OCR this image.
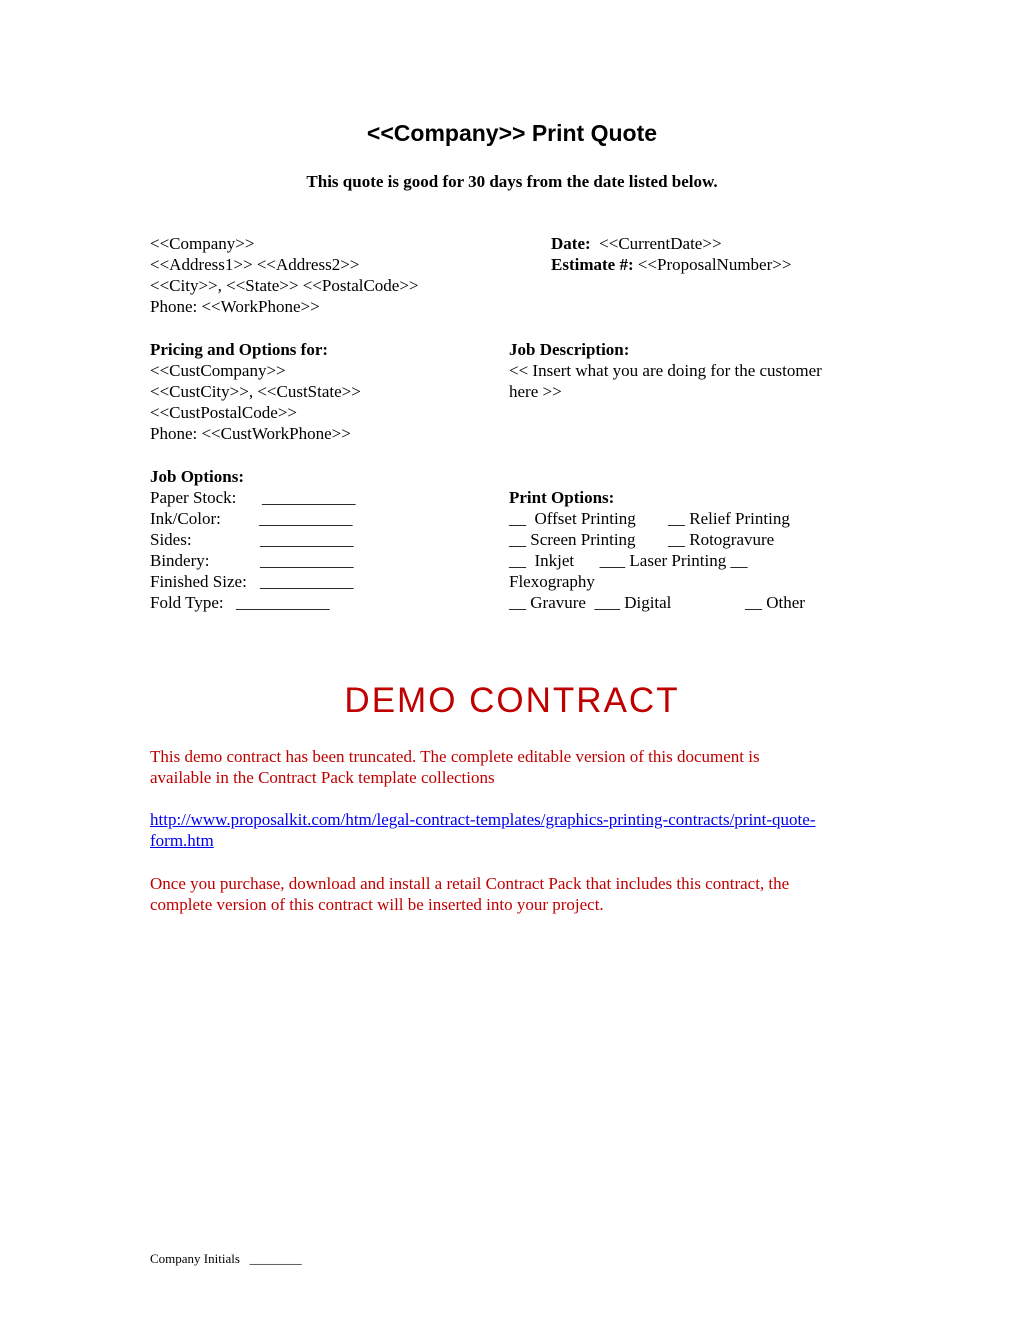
<<Company>> Print Quote
This quote is good for 30 days from the date listed below.
<<Company>>
<<Address1>> <<Address2>>
<<City>>, <<State>> <<PostalCode>>
Phone: <<WorkPhone>>
Date: <<CurrentDate>>
Estimate #: <<ProposalNumber>>
Pricing and Options for:
<<CustCompany>>
<<CustCity>>, <<CustState>>
<<CustPostalCode>>
Phone: <<CustWorkPhone>>
Job Description:
<< Insert what you are doing for the customer
here >>
Job Options:
Paper Stock: ___________
Ink/Color: ___________
Sides:	___________
Bindery:	___________
Finished Size: ___________
Fold Type: ___________
Print Options:
__  Offset Printing __ Relief Printing
__ Screen Printing __ Rotogravure
__  Inkjet      ___ Laser Printing __
Flexography
__ Gravure  ___ Digital	__ Other
DEMO CONTRACT
This demo contract has been truncated. The complete editable version of this document is
available in the Contract Pack template collections
http://www.proposalkit.com/htm/legal-contract-templates/graphics-printing-contracts/print-quote-
form.htm
Once you purchase, download and install a retail Contract Pack that includes this contract, the
complete version of this contract will be inserted into your project.
Company Initials ________
